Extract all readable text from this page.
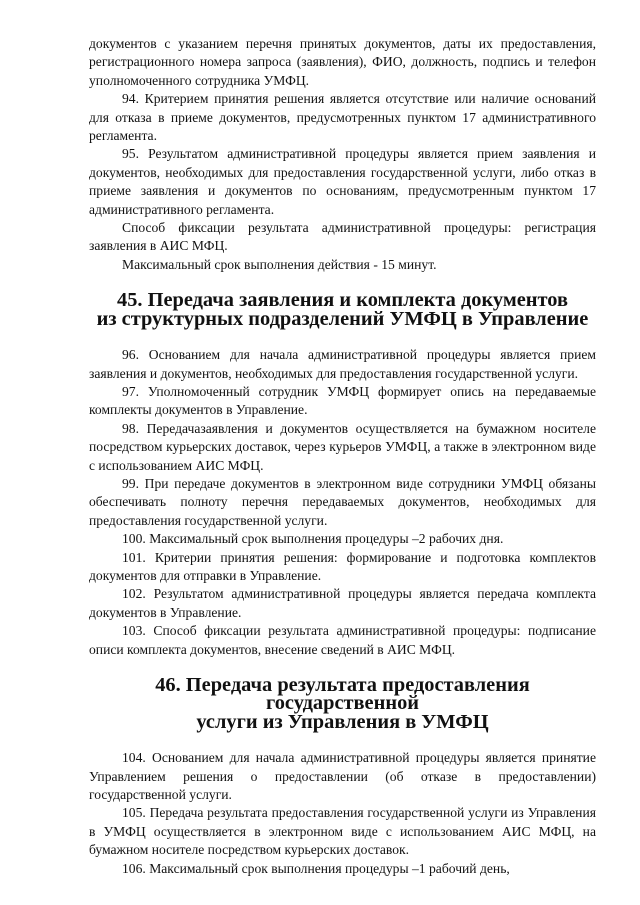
документов с указанием перечня принятых документов, даты их предоставления, регистрационного номера запроса (заявления), ФИО, должность, подпись и телефон уполномоченного сотрудника УМФЦ.

94. Критерием принятия решения является отсутствие или наличие оснований для отказа в приеме документов, предусмотренных пунктом 17 административного регламента.

95. Результатом административной процедуры является прием заявления и документов, необходимых для предоставления государственной услуги, либо отказ в приеме заявления и документов по основаниям, предусмотренным пунктом 17 административного регламента.

Способ фиксации результата административной процедуры: регистрация заявления в АИС МФЦ.

Максимальный срок выполнения действия - 15 минут.

45. Передача заявления и комплекта документов
из структурных подразделений УМФЦ в Управление

96. Основанием для начала административной процедуры является прием заявления и документов, необходимых для предоставления государственной услуги.

97. Уполномоченный сотрудник УМФЦ формирует опись на передаваемые комплекты документов в Управление.

98. Передачазаявления и документов осуществляется на бумажном носителе посредством курьерских доставок, через курьеров УМФЦ, а также в электронном виде с использованием АИС МФЦ.

99. При передаче документов в электронном виде сотрудники УМФЦ обязаны обеспечивать полноту перечня передаваемых документов, необходимых для предоставления государственной услуги.

100. Максимальный срок выполнения процедуры –2 рабочих дня.

101. Критерии принятия решения: формирование и подготовка комплектов документов для отправки в Управление.

102. Результатом административной процедуры является передача комплекта документов в Управление.

103. Способ фиксации результата административной процедуры: подписание описи комплекта документов, внесение сведений в АИС МФЦ.

46. Передача результата предоставления государственной
услуги из Управления в УМФЦ

104. Основанием для начала административной процедуры является принятие Управлением решения о предоставлении (об отказе в предоставлении) государственной услуги.

105. Передача результата предоставления государственной услуги из Управления в УМФЦ осуществляется в электронном виде с использованием АИС МФЦ, на бумажном носителе посредством курьерских доставок.

106. Максимальный срок выполнения процедуры –1 рабочий день,
